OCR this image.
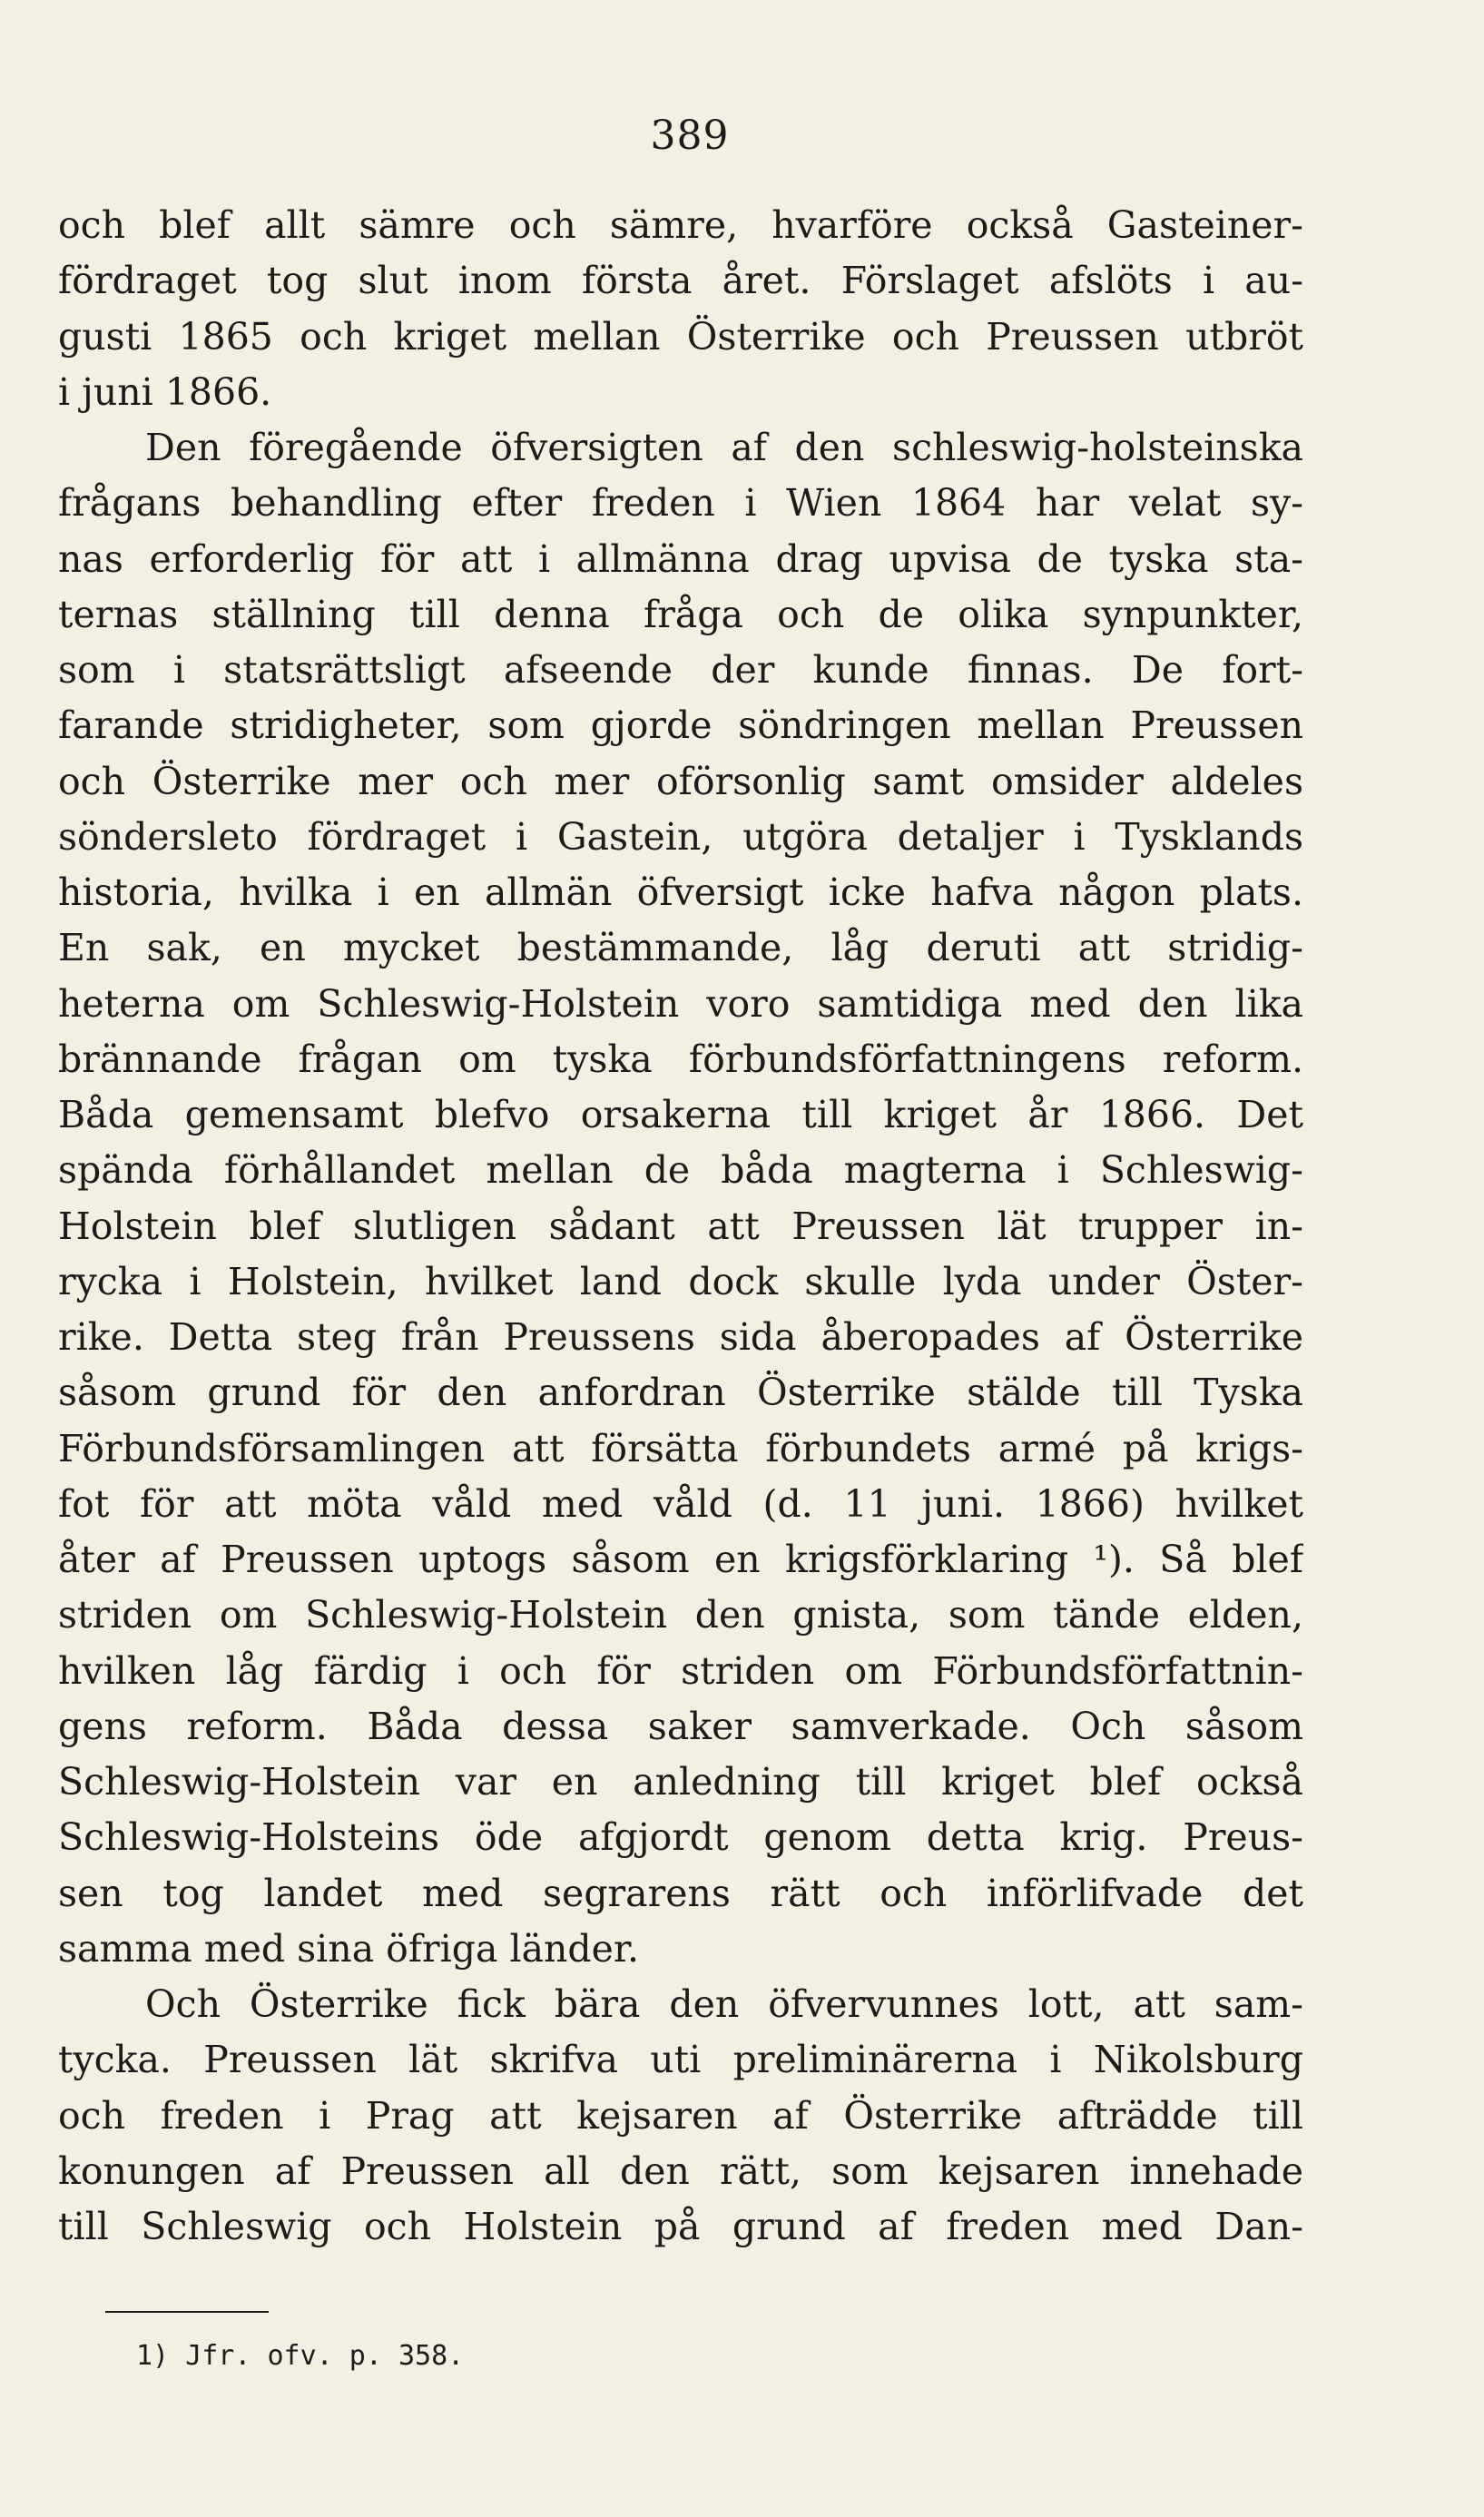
389
och blef allt sämre och sämre, hvarföre också Gasteiner-
fördraget tog slut inom första året. Förslaget afslöts i au-
gusti 1865 och kriget mellan Österrike och Preussen utbröt
i juni 1866.
Den föregående öfversigten af den schleswig-holsteinska
frågans behandling efter freden i Wien 1864 har velat sy-
nas erforderlig för att i allmänna drag upvisa de tyska sta-
ternas ställning till denna fråga och de olika synpunkter,
som i statsrättsligt afseende der kunde finnas. De fort-
farande stridigheter, som gjorde söndringen mellan Preussen
och Österrike mer och mer oförsonlig samt omsider aldeles
söndersleto fördraget i Gastein, utgöra detaljer i Tysklands
historia, hvilka i en allmän öfversigt icke hafva någon plats.
En sak, en mycket bestämmande, låg deruti att stridig-
heterna om Schleswig-Holstein voro samtidiga med den lika
brännande frågan om tyska förbundsförfattningens reform.
Båda gemensamt blefvo orsakerna till kriget år 1866. Det
spända förhållandet mellan de båda magterna i Schleswig-
Holstein blef slutligen sådant att Preussen lät trupper in-
rycka i Holstein, hvilket land dock skulle lyda under Öster-
rike. Detta steg från Preussens sida åberopades af Österrike
såsom grund för den anfordran Österrike stälde till Tyska
Förbundsförsamlingen att försätta förbundets armé på krigs-
fot för att möta våld med våld (d. 11 juni. 1866) hvilket
åter af Preussen uptogs såsom en krigsförklaring ¹). Så blef
striden om Schleswig-Holstein den gnista, som tände elden,
hvilken låg färdig i och för striden om Förbundsförfattnin-
gens reform. Båda dessa saker samverkade. Och såsom
Schleswig-Holstein var en anledning till kriget blef också
Schleswig-Holsteins öde afgjordt genom detta krig. Preus-
sen tog landet med segrarens rätt och införlifvade det
samma med sina öfriga länder.
Och Österrike fick bära den öfvervunnes lott, att sam-
tycka. Preussen lät skrifva uti preliminärerna i Nikolsburg
och freden i Prag att kejsaren af Österrike afträdde till
konungen af Preussen all den rätt, som kejsaren innehade
till Schleswig och Holstein på grund af freden med Dan-
1) Jfr. ofv. p. 358.
